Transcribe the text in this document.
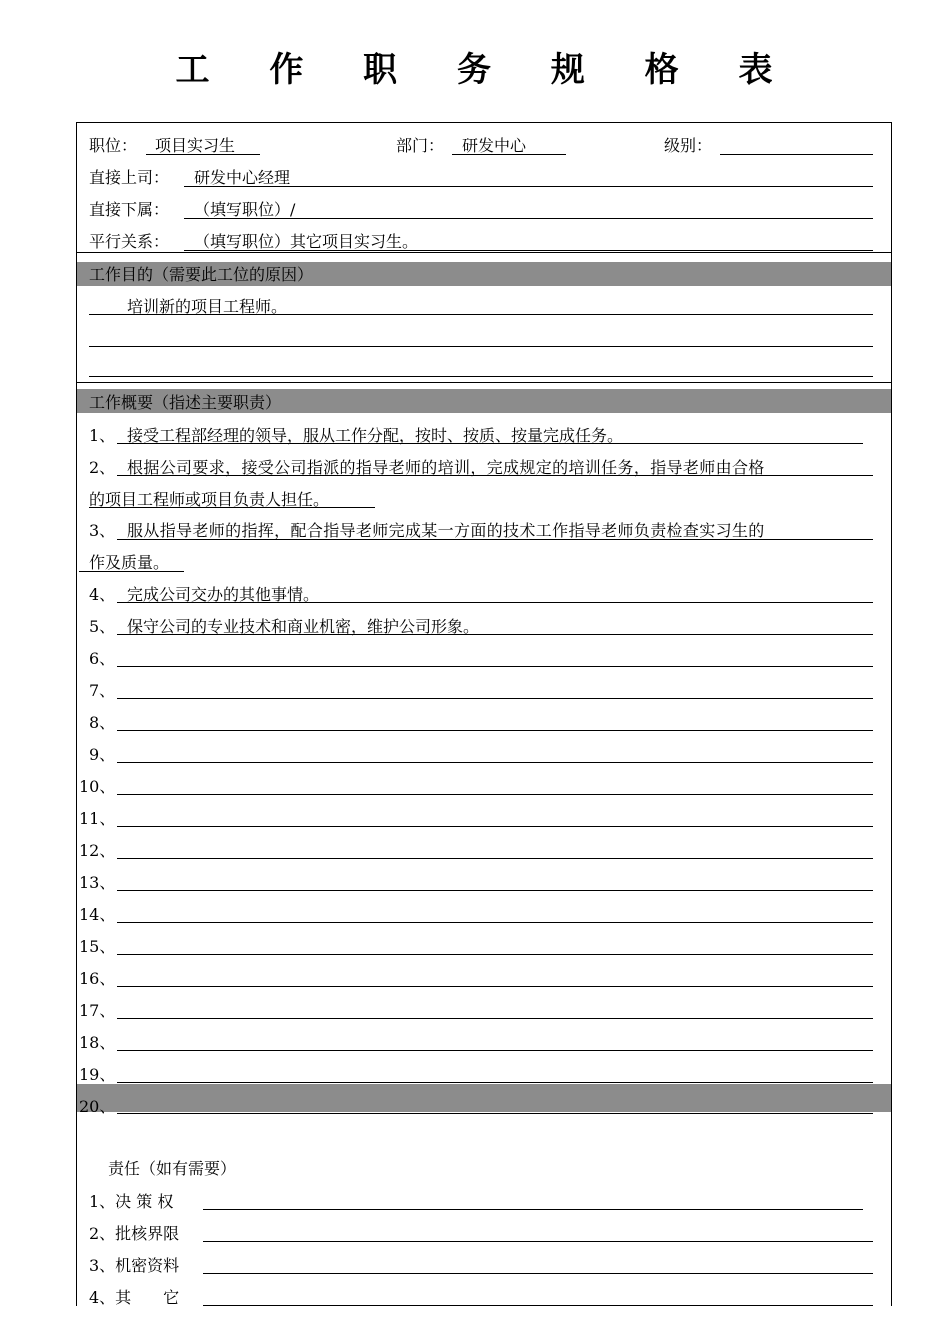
工 作 职 务 规 格 表
职位： 项目实习生	部门： 研发中心	级别：
直接上司： 研发中心经理
直接下属： （填写职位）/
平行关系： （填写职位）其它项目实习生。
工作目的（需要此工位的原因）
培训新的项目工程师。
工作概要（指述主要职责）
1、 接受工程部经理的领导，服从工作分配，按时、按质、按量完成任务。
2、 根据公司要求，接受公司指派的指导老师的培训，完成规定的培训任务，指导老师由合格
的项目工程师或项目负责人担任。
3、 服从指导老师的指挥，配合指导老师完成某一方面的技术工作指导老师负责检查实习生的
作及质量。
4、 完成公司交办的其他事情。
5、 保守公司的专业技术和商业机密，维护公司形象。
6、
7、
8、
9、
10、
11、
12、
13、
14、
15、
16、
17、
18、
19、
20、
责任（如有需要）
1、决 策 权
2、批核界限
3、机密资料
4、其　　它
